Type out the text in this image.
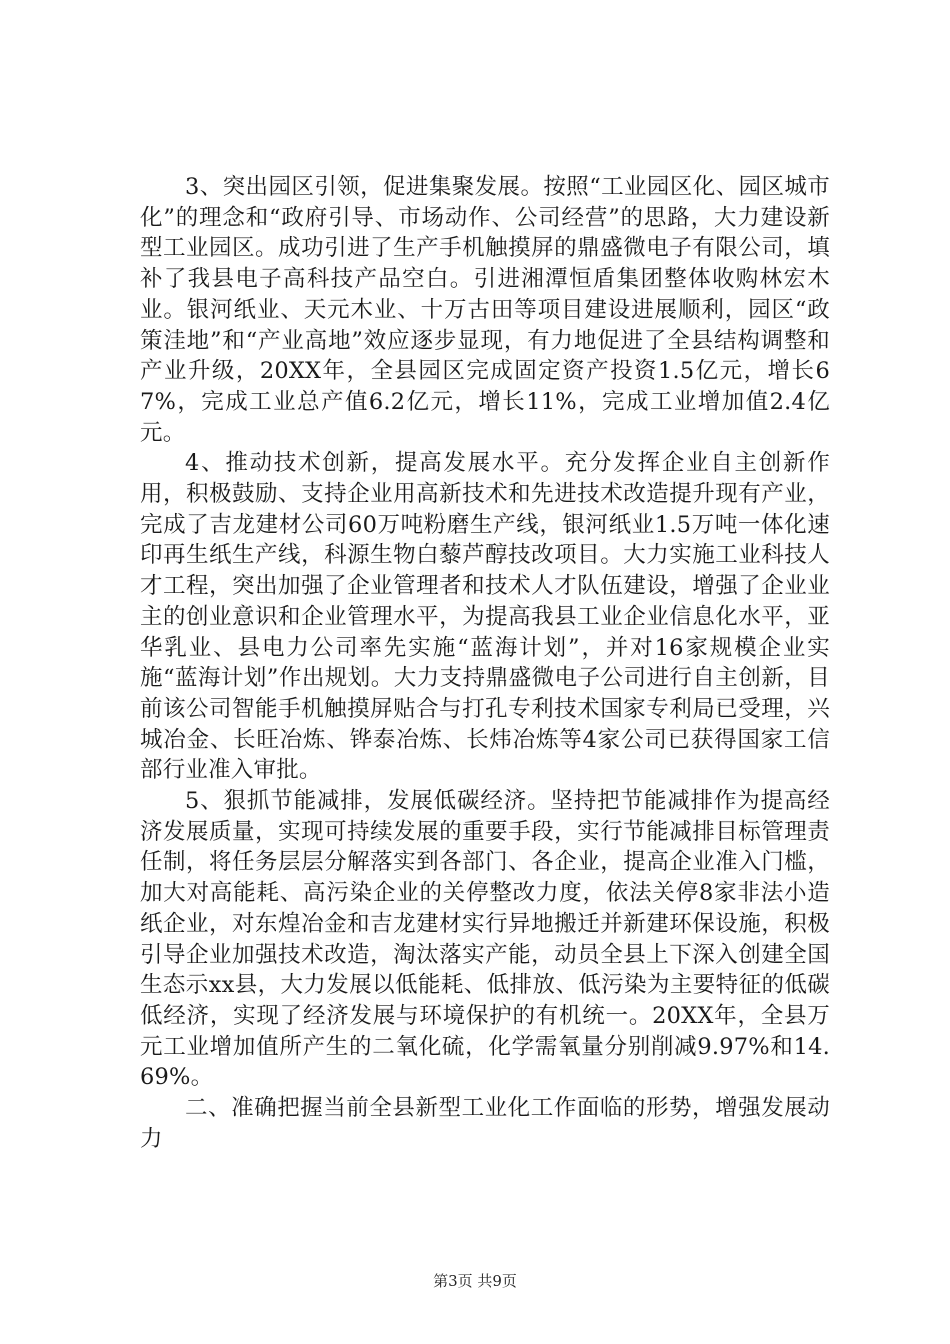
3、突出园区引领，促进集聚发展。按照“工业园区化、园区城市化”的理念和“政府引导、市场动作、公司经营”的思路，大力建设新型工业园区。成功引进了生产手机触摸屏的鼎盛微电子有限公司，填补了我县电子高科技产品空白。引进湘潭恒盾集团整体收购林宏木业。银河纸业、天元木业、十万古田等项目建设进展顺利，园区“政策洼地”和“产业高地”效应逐步显现，有力地促进了全县结构调整和产业升级，20XX年，全县园区完成固定资产投资1.5亿元，增长67%，完成工业总产值6.2亿元，增长11%，完成工业增加值2.4亿元。

4、推动技术创新，提高发展水平。充分发挥企业自主创新作用，积极鼓励、支持企业用高新技术和先进技术改造提升现有产业，完成了吉龙建材公司60万吨粉磨生产线，银河纸业1.5万吨一体化速印再生纸生产线，科源生物白藜芦醇技改项目。大力实施工业科技人才工程，突出加强了企业管理者和技术人才队伍建设，增强了企业业主的创业意识和企业管理水平，为提高我县工业企业信息化水平，亚华乳业、县电力公司率先实施“蓝海计划”，并对16家规模企业实施“蓝海计划”作出规划。大力支持鼎盛微电子公司进行自主创新，目前该公司智能手机触摸屏贴合与打孔专利技术国家专利局已受理，兴城冶金、长旺冶炼、铧泰冶炼、长炜冶炼等4家公司已获得国家工信部行业准入审批。

5、狠抓节能减排，发展低碳经济。坚持把节能减排作为提高经济发展质量，实现可持续发展的重要手段，实行节能减排目标管理责任制，将任务层层分解落实到各部门、各企业，提高企业准入门槛，加大对高能耗、高污染企业的关停整改力度，依法关停8家非法小造纸企业，对东煌冶金和吉龙建材实行异地搬迁并新建环保设施，积极引导企业加强技术改造，淘汰落实产能，动员全县上下深入创建全国生态示xx县，大力发展以低能耗、低排放、低污染为主要特征的低碳低经济，实现了经济发展与环境保护的有机统一。20XX年，全县万元工业增加值所产生的二氧化硫，化学需氧量分别削减9.97%和14.69%。

二、准确把握当前全县新型工业化工作面临的形势，增强发展动力

第3页 共9页
